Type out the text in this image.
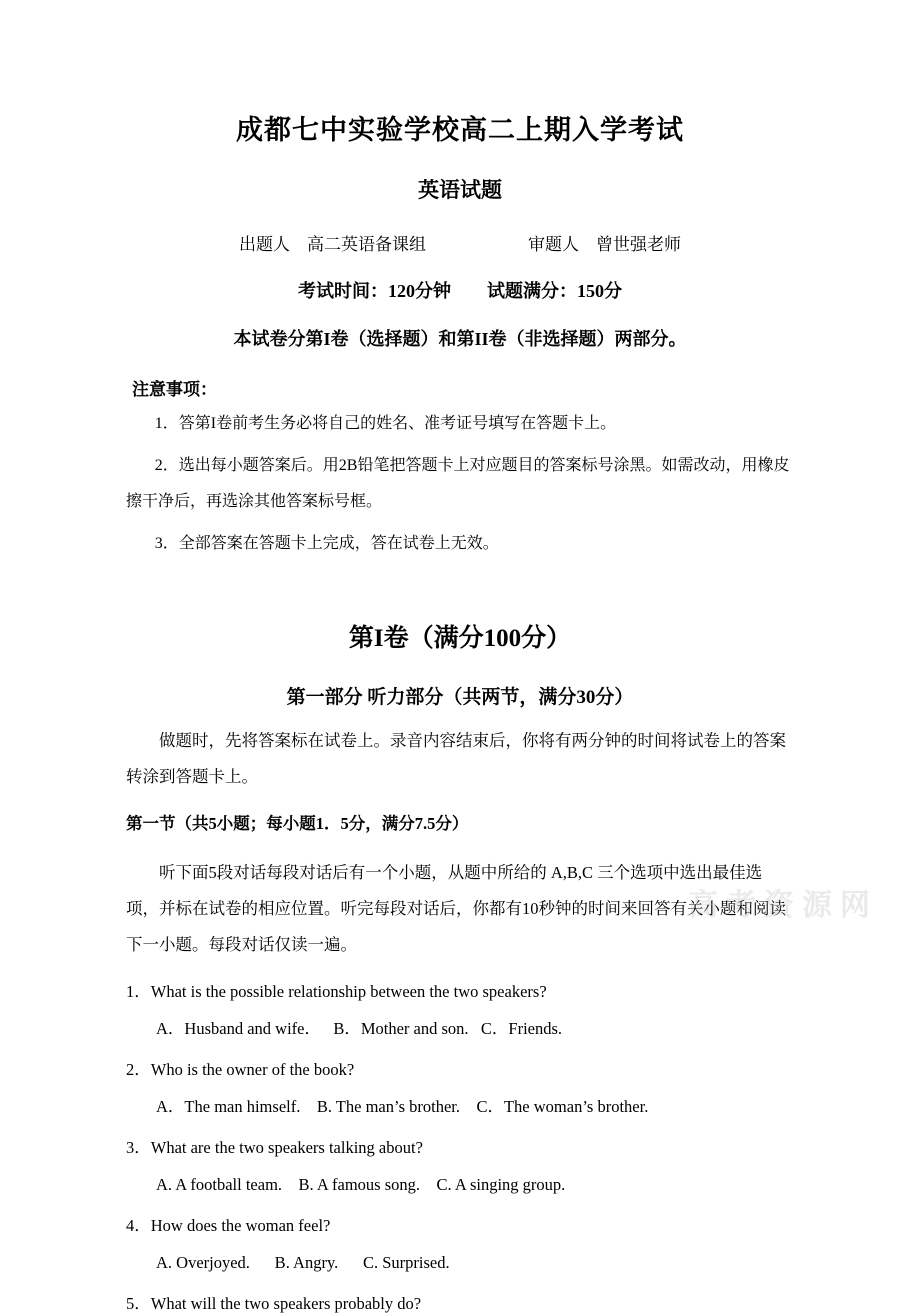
成都七中实验学校高二上期入学考试
英语试题
出题人　高二英语备课组　　　　　　审题人　曾世强老师
考试时间：120分钟　　试题满分：150分
本试卷分第I卷（选择题）和第II卷（非选择题）两部分。
注意事项：
1．答第I卷前考生务必将自己的姓名、准考证号填写在答题卡上。
2．选出每小题答案后。用2B铅笔把答题卡上对应题目的答案标号涂黑。如需改动，用橡皮擦干净后，再选涂其他答案标号框。
3．全部答案在答题卡上完成，答在试卷上无效。
第I卷（满分100分）
第一部分 听力部分（共两节，满分30分）
做题时，先将答案标在试卷上。录音内容结束后，你将有两分钟的时间将试卷上的答案转涂到答题卡上。
第一节（共5小题；每小题1．5分，满分7.5分）
听下面5段对话每段对话后有一个小题，从题中所给的 A,B,C 三个选项中选出最佳选项，并标在试卷的相应位置。听完每段对话后，你都有10秒钟的时间来回答有关小题和阅读下一小题。每段对话仅读一遍。
1．What is the possible relationship between the two speakers?
A．Husband and wife．   B．Mother and son.   C．Friends.
2．Who is the owner of the book?
A．The man himself.    B. The man’s brother.    C．The woman’s brother.
3．What are the two speakers talking about?
A. A football team.    B. A famous song.    C. A singing group.
4．How does the woman feel?
A. Overjoyed.      B. Angry.      C. Surprised.
5．What will the two speakers probably do?
高考资源网
